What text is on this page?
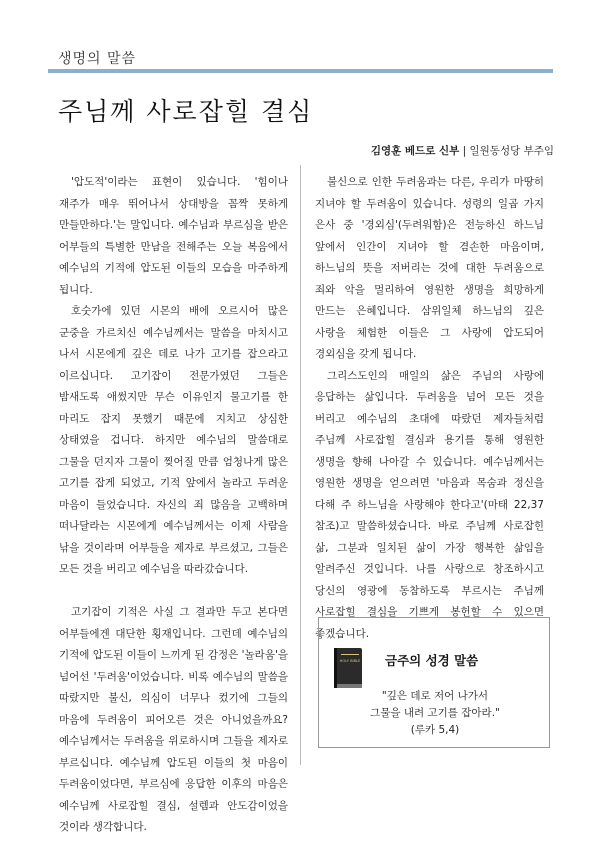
생명의 말씀
주님께 사로잡힐 결심
김영훈 베드로 신부 | 일원동성당 부주임

'압도적'이라는 표현이 있습니다. '힘이나 재주가 매우 뛰어나서 상대방을 꼼짝 못하게 만들만하다.'는 말입니다. 예수님과 부르심을 받은 어부들의 특별한 만남을 전해주는 오늘 복음에서 예수님의 기적에 압도된 이들의 모습을 마주하게 됩니다.

호숫가에 있던 시몬의 배에 오르시어 많은 군중을 가르치신 예수님께서는 말씀을 마치시고 나서 시몬에게 깊은 데로 나가 고기를 잡으라고 이르십니다. 고기잡이 전문가였던 그들은 밤새도록 애썼지만 무슨 이유인지 물고기를 한 마리도 잡지 못했기 때문에 지치고 상심한 상태였을 겁니다. 하지만 예수님의 말씀대로 그물을 던지자 그물이 찢어질 만큼 엄청나게 많은 고기를 잡게 되었고, 기적 앞에서 놀라고 두려운 마음이 들었습니다. 자신의 죄 많음을 고백하며 떠나달라는 시몬에게 예수님께서는 이제 사람을 낚을 것이라며 어부들을 제자로 부르셨고, 그들은 모든 것을 버리고 예수님을 따라갔습니다.

고기잡이 기적은 사실 그 결과만 두고 본다면 어부들에겐 대단한 횡재입니다. 그런데 예수님의 기적에 압도된 이들이 느끼게 된 감정은 '놀라움'을 넘어선 '두려움'이었습니다. 비록 예수님의 말씀을 따랐지만 불신, 의심이 너무나 컸기에 그들의 마음에 두려움이 피어오른 것은 아니었을까요? 예수님께서는 두려움을 위로하시며 그들을 제자로 부르십니다. 예수님께 압도된 이들의 첫 마음이 두려움이었다면, 부르심에 응답한 이후의 마음은 예수님께 사로잡힐 결심, 설렘과 안도감이었을 것이라 생각합니다.

불신으로 인한 두려움과는 다른, 우리가 마땅히 지녀야 할 두려움이 있습니다. 성령의 일곱 가지 은사 중 '경외심'(두려워함)은 전능하신 하느님 앞에서 인간이 지녀야 할 겸손한 마음이며, 하느님의 뜻을 저버리는 것에 대한 두려움으로 죄와 악을 멀리하여 영원한 생명을 희망하게 만드는 은혜입니다. 삼위일체 하느님의 깊은 사랑을 체험한 이들은 그 사랑에 압도되어 경외심을 갖게 됩니다.

그리스도인의 매일의 삶은 주님의 사랑에 응답하는 삶입니다. 두려움을 넘어 모든 것을 버리고 예수님의 초대에 따랐던 제자들처럼 주님께 사로잡힐 결심과 용기를 통해 영원한 생명을 향해 나아갈 수 있습니다. 예수님께서는 영원한 생명을 얻으려면 '마음과 목숨과 정신을 다해 주 하느님을 사랑해야 한다고'(마태 22,37 참조)고 말씀하셨습니다. 바로 주님께 사로잡힌 삶, 그분과 일치된 삶이 가장 행복한 삶임을 알려주신 것입니다. 나를 사랑으로 창조하시고 당신의 영광에 동참하도록 부르시는 주님께 사로잡힐 결심을 기쁘게 봉헌할 수 있으면 좋겠습니다.

HOLY BIBLE 금주의 성경 말씀
"깊은 데로 저어 나가서
그물을 내려 고기를 잡아라."
(루카 5,4)
